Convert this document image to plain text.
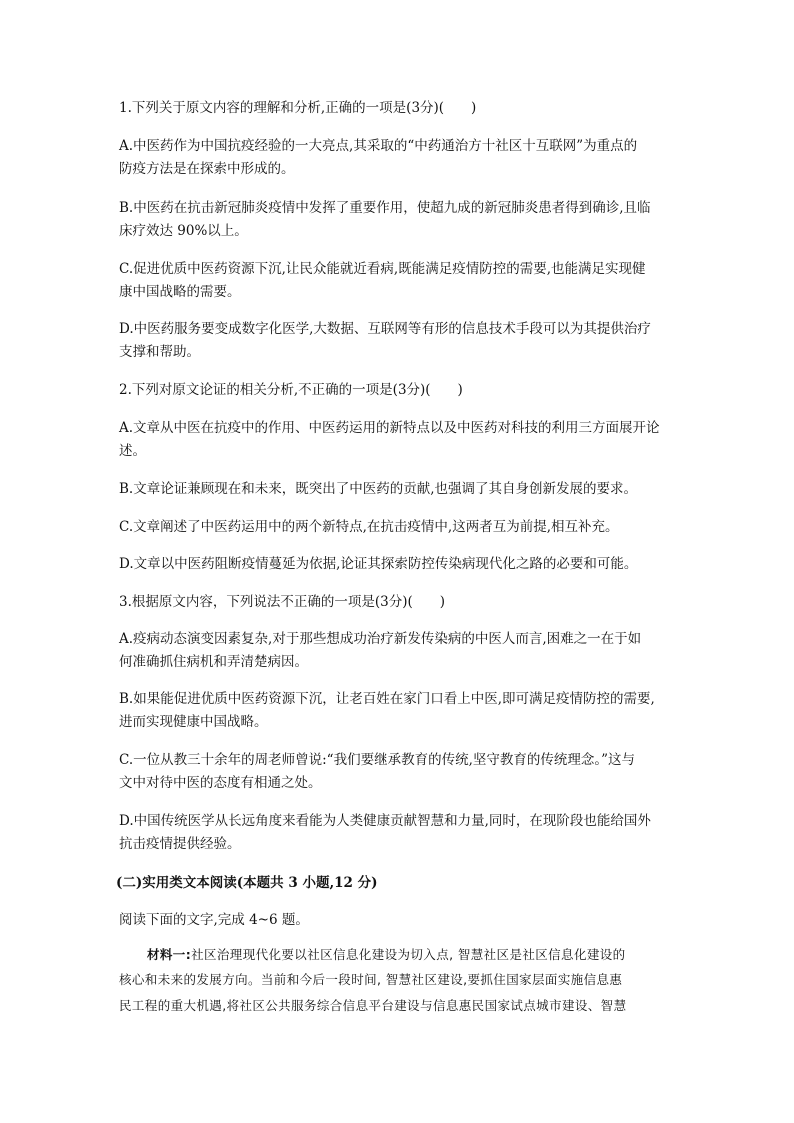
1.下列关于原文内容的理解和分析,正确的一项是(3分)(　　)
A.中医药作为中国抗疫经验的一大亮点,其采取的“中药通治方十社区十互联网”为重点的
防疫方法是在探索中形成的。
B.中医药在抗击新冠肺炎疫情中发挥了重要作用，使超九成的新冠肺炎患者得到确诊,且临
床疗效达 90%以上。
C.促进优质中医药资源下沉,让民众能就近看病,既能满足疫情防控的需要,也能满足实现健
康中国战略的需要。
D.中医药服务要变成数字化医学,大数据、互联网等有形的信息技术手段可以为其提供治疗
支撑和帮助。
2.下列对原文论证的相关分析,不正确的一项是(3分)(　　)
A.文章从中医在抗疫中的作用、中医药运用的新特点以及中医药对科技的利用三方面展开论
述。
B.文章论证兼顾现在和未来，既突出了中医药的贡献,也强调了其自身创新发展的要求。
C.文章阐述了中医药运用中的两个新特点,在抗击疫情中,这两者互为前提,相互补充。
D.文章以中医药阻断疫情蔓延为依据,论证其探索防控传染病现代化之路的必要和可能。
3.根据原文内容，下列说法不正确的一项是(3分)(　　)
A.疫病动态演变因素复杂,对于那些想成功治疗新发传染病的中医人而言,困难之一在于如
何准确抓住病机和弄清楚病因。
B.如果能促进优质中医药资源下沉，让老百姓在家门口看上中医,即可满足疫情防控的需要,
进而实现健康中国战略。
C.一位从教三十余年的周老师曾说:“我们要继承教育的传统,坚守教育的传统理念。”这与
文中对待中医的态度有相通之处。
D.中国传统医学从长远角度来看能为人类健康贡献智慧和力量,同时，在现阶段也能给国外
抗击疫情提供经验。
(二)实用类文本阅读(本题共 3 小题,12 分)
阅读下面的文字,完成 4~6 题。
材料一:社区治理现代化要以社区信息化建设为切入点, 智慧社区是社区信息化建设的
核心和未来的发展方向。当前和今后一段时间, 智慧社区建设,要抓住国家层面实施信息惠
民工程的重大机遇,将社区公共服务综合信息平台建设与信息惠民国家试点城市建设、智慧
